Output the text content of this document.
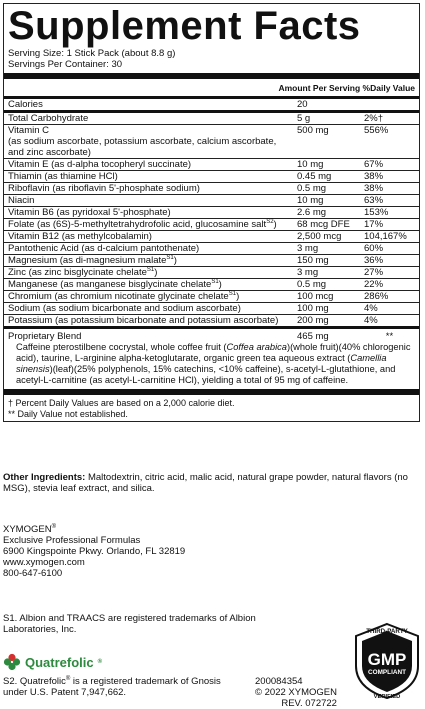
Supplement Facts
Serving Size: 1 Stick Pack (about 8.8 g)
Servings Per Container: 30
Amount Per Serving %Daily Value
Calories	20
Total Carbohydrate	5 g	2%†
Vitamin C
(as sodium ascorbate, potassium ascorbate, calcium ascorbate, and zinc ascorbate)
500 mg	556%
Vitamin E (as d-alpha tocopheryl succinate)	10 mg	67%
Thiamin (as thiamine HCl)	0.45 mg	38%
Riboflavin (as riboflavin 5'-phosphate sodium)	0.5 mg	38%
Niacin	10 mg	63%
Vitamin B6 (as pyridoxal 5'-phosphate)	2.6 mg	153%
Folate (as (6S)-5-methyltetrahydrofolic acid, glucosamine salt$^{S2}$)	68 mcg DFE	17%
Vitamin B12 (as methylcobalamin)	2,500 mcg	104,167%
Pantothenic Acid (as d-calcium pantothenate)	3 mg	60%
Magnesium (as di-magnesium malate$^{S1}$)	150 mg	36%
Zinc (as zinc bisglycinate chelate$^{S1}$)	3 mg	27%
Manganese (as manganese bisglycinate chelate$^{S1}$)	0.5 mg	22%
Chromium (as chromium nicotinate glycinate chelate$^{S1}$)	100 mcg	286%
Sodium (as sodium bicarbonate and sodium ascorbate)	100 mg	4%
Potassium (as potassium bicarbonate and potassium ascorbate)	200 mg	4%
Proprietary Blend	465 mg	**
Caffeine pterostilbene cocrystal, whole coffee fruit (Coffea arabica)(whole fruit)(40% chlorogenic acid), taurine, L-arginine alpha-ketoglutarate, organic green tea aqueous extract (Camellia sinensis)(leaf)(25% polyphenols, 15% catechins, <10% caffeine), s-acetyl-L-glutathione, and acetyl-L-carnitine (as acetyl-L-carnitine HCl), yielding a total of 95 mg of caffeine.
† Percent Daily Values are based on a 2,000 calorie diet.
** Daily Value not established.
Other Ingredients: Maltodextrin, citric acid, malic acid, natural grape powder, natural flavors (no MSG), stevia leaf extract, and silica.
XYMOGEN®
Exclusive Professional Formulas
6900 Kingspointe Pkwy. Orlando, FL 32819
www.xymogen.com
800-647-6100
S1. Albion and TRAACS are registered trademarks of Albion Laboratories, Inc.
Quatrefolic ®
S2. Quatrefolic® is a registered trademark of Gnosis under U.S. Patent 7,947,662.
200084354
© 2022 XYMOGEN
REV. 072722
THIRD-PARTY
GMP
COMPLIANT
VERIFIED
